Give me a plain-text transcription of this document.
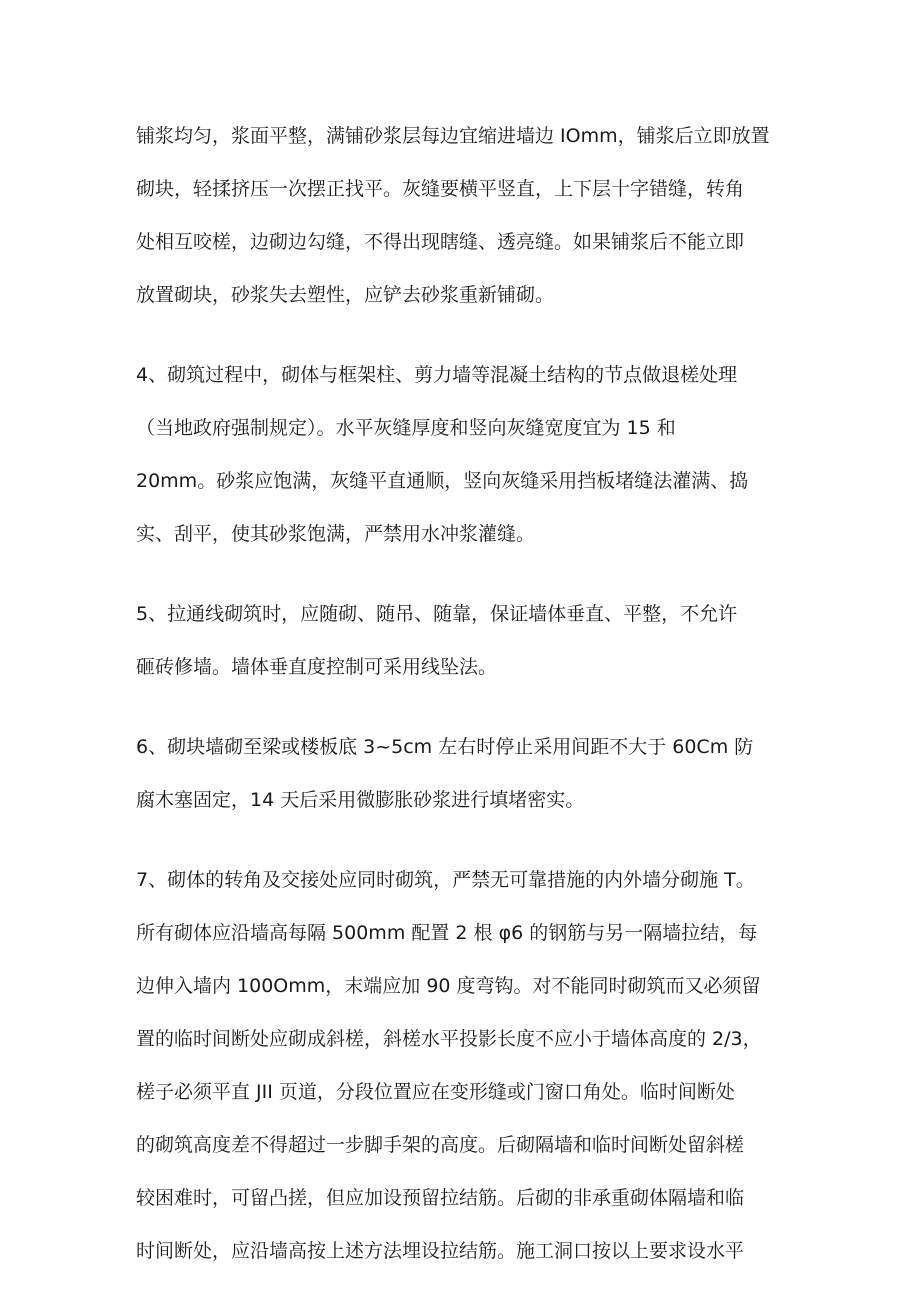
铺浆均匀，浆面平整，满铺砂浆层每边宜缩进墙边 IOmm，铺浆后立即放置
砌块，轻揉挤压一次摆正找平。灰缝要横平竖直，上下层十字错缝，转角
处相互咬槎，边砌边勾缝，不得出现瞎缝、透亮缝。如果铺浆后不能立即
放置砌块，砂浆失去塑性，应铲去砂浆重新铺砌。
4、砌筑过程中，砌体与框架柱、剪力墙等混凝土结构的节点做退槎处理
（当地政府强制规定）。水平灰缝厚度和竖向灰缝宽度宜为 15 和
20mm。砂浆应饱满，灰缝平直通顺，竖向灰缝采用挡板堵缝法灌满、捣
实、刮平，使其砂浆饱满，严禁用水冲浆灌缝。
5、拉通线砌筑时，应随砌、随吊、随靠，保证墙体垂直、平整，不允许
砸砖修墙。墙体垂直度控制可采用线坠法。
6、砌块墙砌至梁或楼板底 3~5cm 左右时停止采用间距不大于 60Cm 防
腐木塞固定，14 天后采用微膨胀砂浆进行填堵密实。
7、砌体的转角及交接处应同时砌筑，严禁无可靠措施的内外墙分砌施 T。
所有砌体应沿墙高每隔 500mm 配置 2 根 φ6 的钢筋与另一隔墙拉结，每
边伸入墙内 100Omm，末端应加 90 度弯钩。对不能同时砌筑而又必须留
置的临时间断处应砌成斜槎，斜槎水平投影长度不应小于墙体高度的 2/3，
槎子必须平直 JII 页道，分段位置应在变形缝或门窗口角处。临时间断处
的砌筑高度差不得超过一步脚手架的高度。后砌隔墙和临时间断处留斜槎
较困难时，可留凸搓，但应加设预留拉结筋。后砌的非承重砌体隔墙和临
时间断处，应沿墙高按上述方法埋设拉结筋。施工洞口按以上要求设水平
